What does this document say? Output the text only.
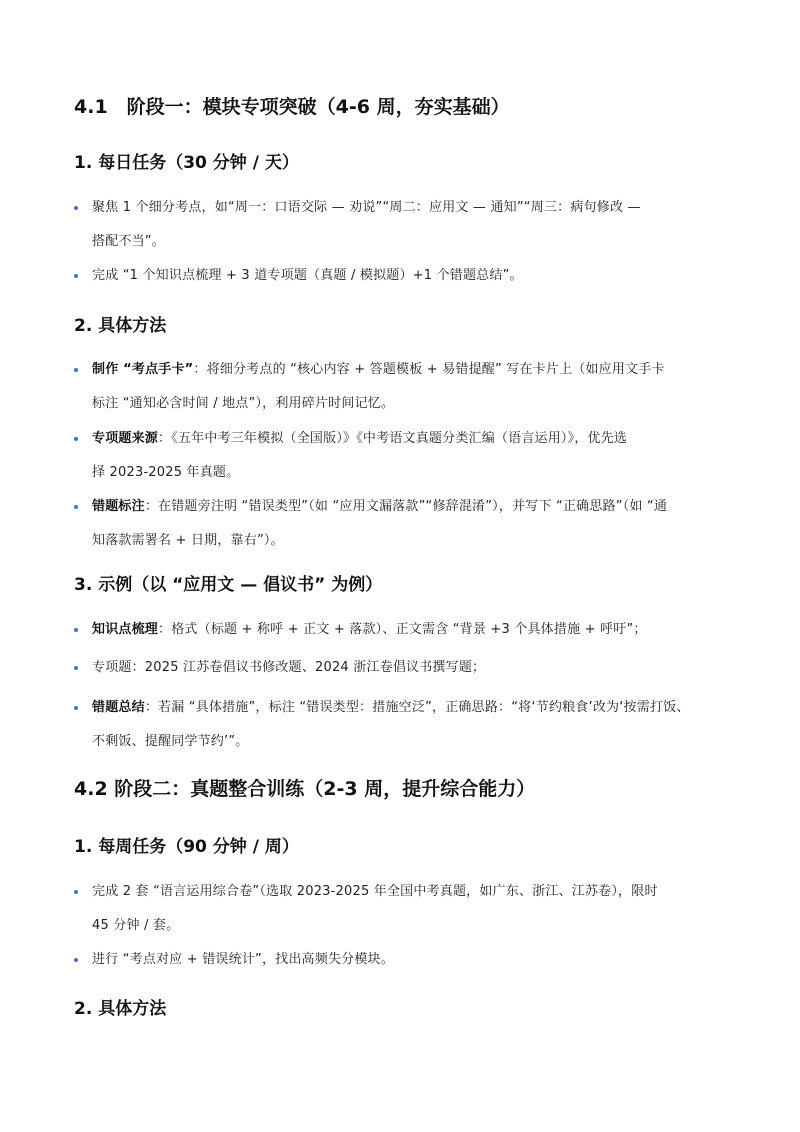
4.1　阶段一：模块专项突破（4-6 周，夯实基础）
1. 每日任务（30 分钟 / 天）
聚焦 1 个细分考点，如“周一：口语交际 — 劝说”“周二：应用文 — 通知”“周三：病句修改 —
搭配不当”。
完成 “1 个知识点梳理 + 3 道专项题（真题 / 模拟题）+1 个错题总结”。
2. 具体方法
制作 “考点手卡”：将细分考点的 “核心内容 + 答题模板 + 易错提醒” 写在卡片上（如应用文手卡
标注 “通知必含时间 / 地点”），利用碎片时间记忆。
专项题来源：《五年中考三年模拟（全国版）》《中考语文真题分类汇编（语言运用）》，优先选
择 2023-2025 年真题。
错题标注：在错题旁注明 “错误类型”（如 “应用文漏落款”“修辞混淆”），并写下 “正确思路”（如 “通
知落款需署名 + 日期，靠右”）。
3. 示例（以 “应用文 — 倡议书” 为例）
知识点梳理：格式（标题 + 称呼 + 正文 + 落款）、正文需含 “背景 +3 个具体措施 + 呼吁”；
专项题：2025 江苏卷倡议书修改题、2024 浙江卷倡议书撰写题；
错题总结：若漏 “具体措施”，标注 “错误类型：措施空泛”，正确思路：“将‘节约粮食’改为‘按需打饭、
不剩饭、提醒同学节约’”。
4.2 阶段二：真题整合训练（2-3 周，提升综合能力）
1. 每周任务（90 分钟 / 周）
完成 2 套 “语言运用综合卷”（选取 2023-2025 年全国中考真题，如广东、浙江、江苏卷），限时
45 分钟 / 套。
进行 “考点对应 + 错误统计”，找出高频失分模块。
2. 具体方法
